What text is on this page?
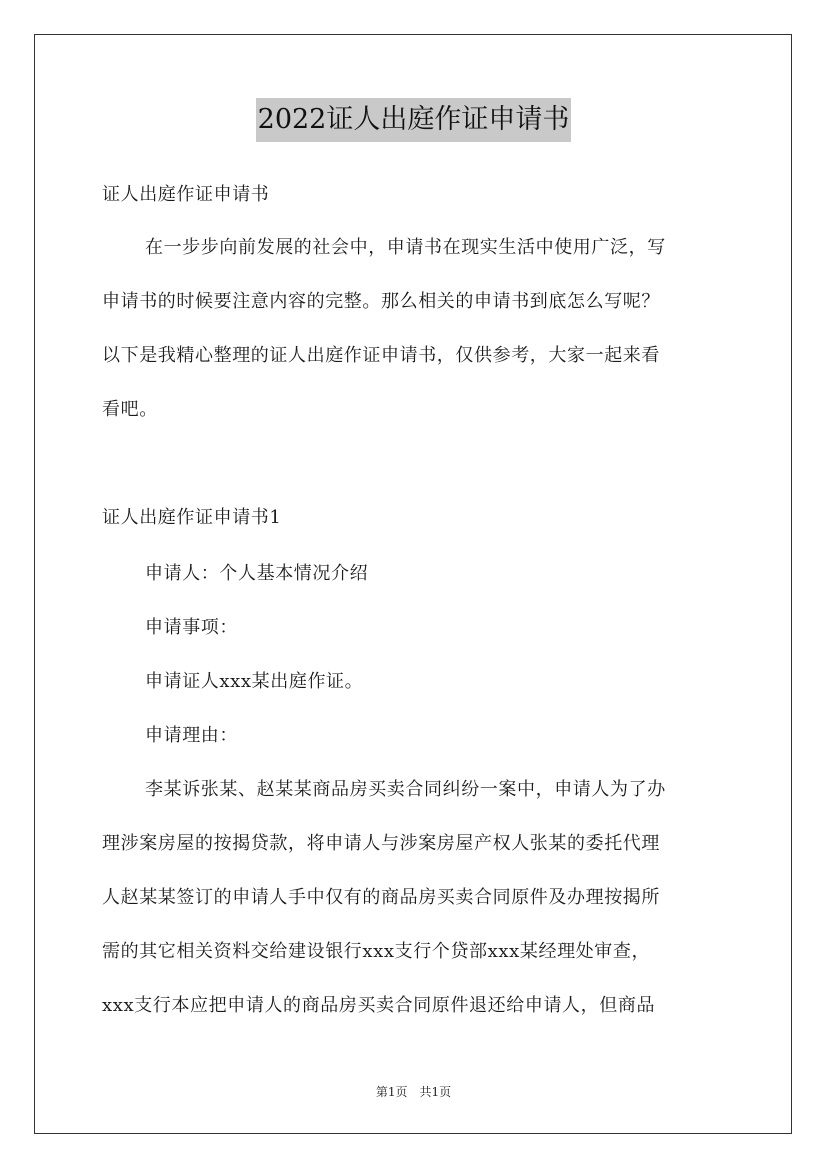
2022证人出庭作证申请书
证人出庭作证申请书
在一步步向前发展的社会中，申请书在现实生活中使用广泛，写
申请书的时候要注意内容的完整。那么相关的申请书到底怎么写呢？
以下是我精心整理的证人出庭作证申请书，仅供参考，大家一起来看
看吧。
证人出庭作证申请书1
申请人：个人基本情况介绍
申请事项：
申请证人xxx某出庭作证。
申请理由：
李某诉张某、赵某某商品房买卖合同纠纷一案中，申请人为了办
理涉案房屋的按揭贷款，将申请人与涉案房屋产权人张某的委托代理
人赵某某签订的申请人手中仅有的商品房买卖合同原件及办理按揭所
需的其它相关资料交给建设银行xxx支行个贷部xxx某经理处审查，
xxx支行本应把申请人的商品房买卖合同原件退还给申请人，但商品
第1页　共1页
